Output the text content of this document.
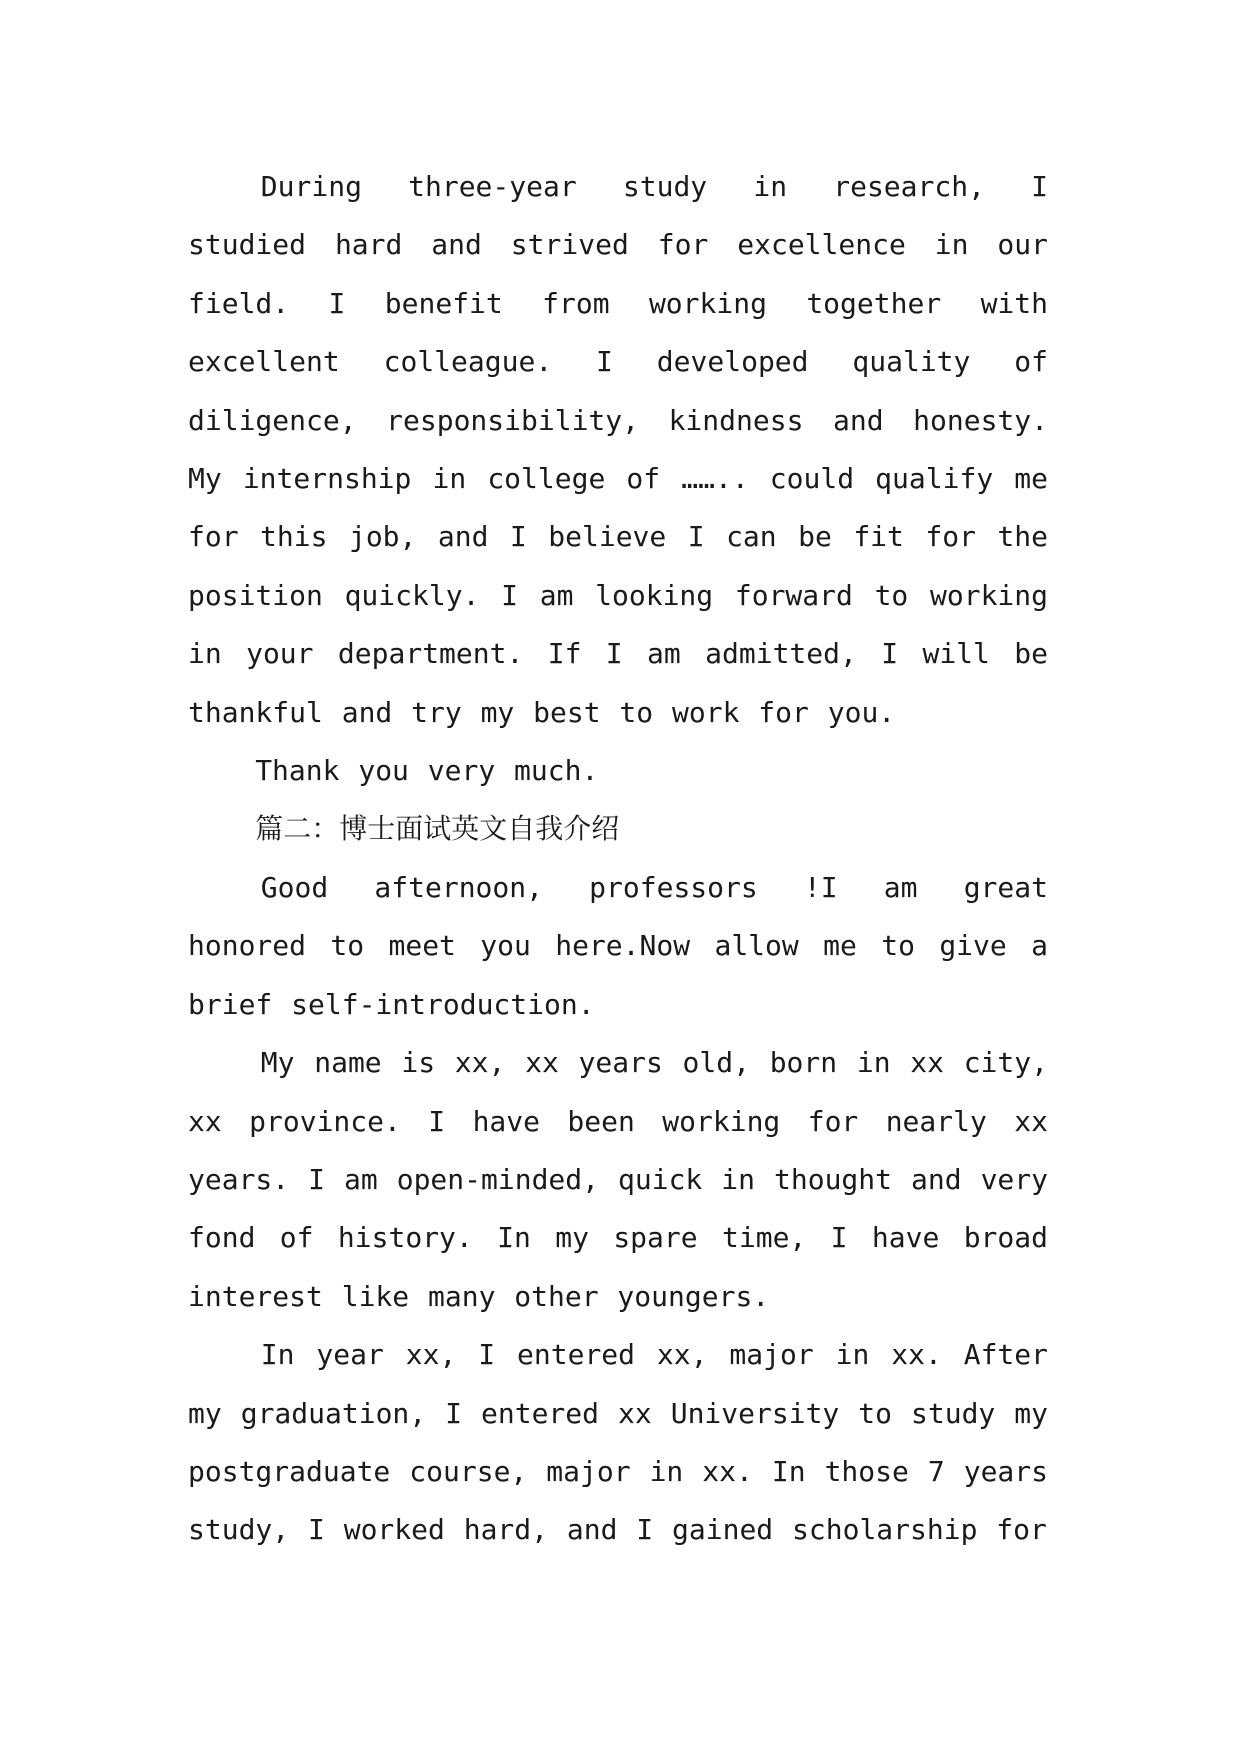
During three-year study in research, I studied hard and strived for excellence in our field. I benefit from working together with excellent colleague. I developed quality of diligence, responsibility, kindness and honesty. My internship in college of …….. could qualify me for this job, and I believe I can be fit for the position quickly. I am looking forward to working in your department. If I am admitted, I will be thankful and try my best to work for you.

Thank you very much.

篇二：博士面试英文自我介绍

Good afternoon, professors !I am great honored to meet you here.Now allow me to give a brief self-introduction.

My name is xx, xx years old, born in xx city, xx province. I have been working for nearly xx years. I am open-minded, quick in thought and very fond of history. In my spare time, I have broad interest like many other youngers.

In year xx, I entered xx, major in xx. After my graduation, I entered xx University to study my postgraduate course, major in xx. In those 7 years study, I worked hard, and I gained scholarship for
